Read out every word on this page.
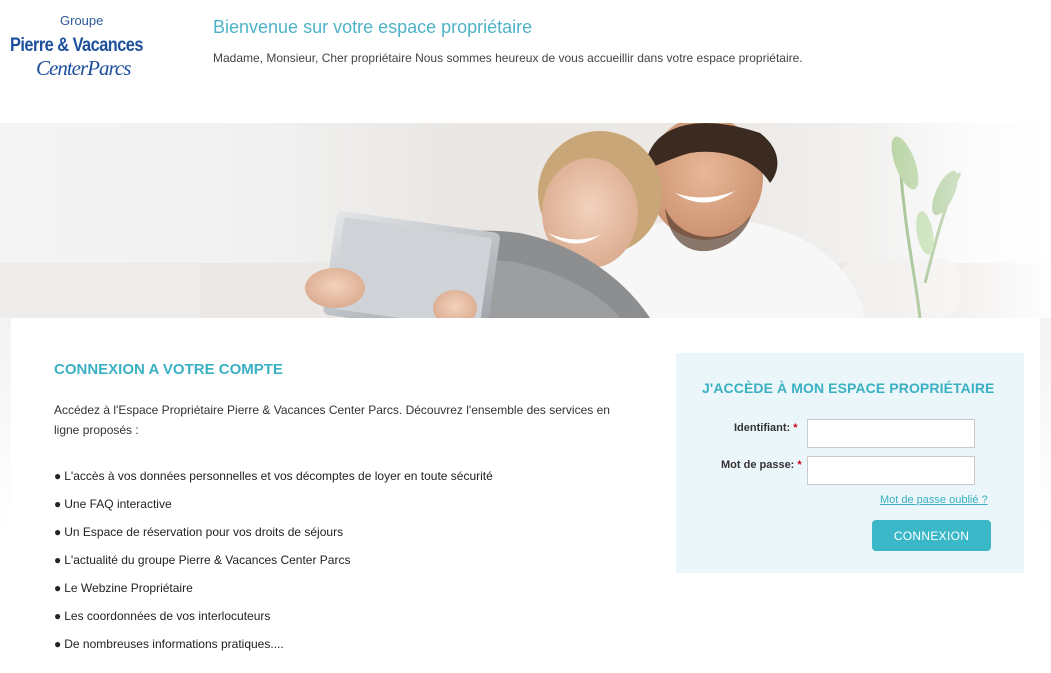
Groupe
Pierre & Vacances
CenterParcs
Bienvenue sur votre espace propriétaire

Madame, Monsieur, Cher propriétaire Nous sommes heureux de vous accueillir dans votre espace propriétaire.

CONNEXION A VOTRE COMPTE

Accédez à l'Espace Propriétaire Pierre & Vacances Center Parcs. Découvrez l'ensemble des services en ligne proposés :

● L'accès à vos données personnelles et vos décomptes de loyer en toute sécurité
● Une FAQ interactive
● Un Espace de réservation pour vos droits de séjours
● L'actualité du groupe Pierre & Vacances Center Parcs
● Le Webzine Propriétaire
● Les coordonnées de vos interlocuteurs
● De nombreuses informations pratiques....
J'ACCÈDE À MON ESPACE PROPRIÉTAIRE
Identifiant: *
Mot de passe: *
Mot de passe oublié ?
CONNEXION
